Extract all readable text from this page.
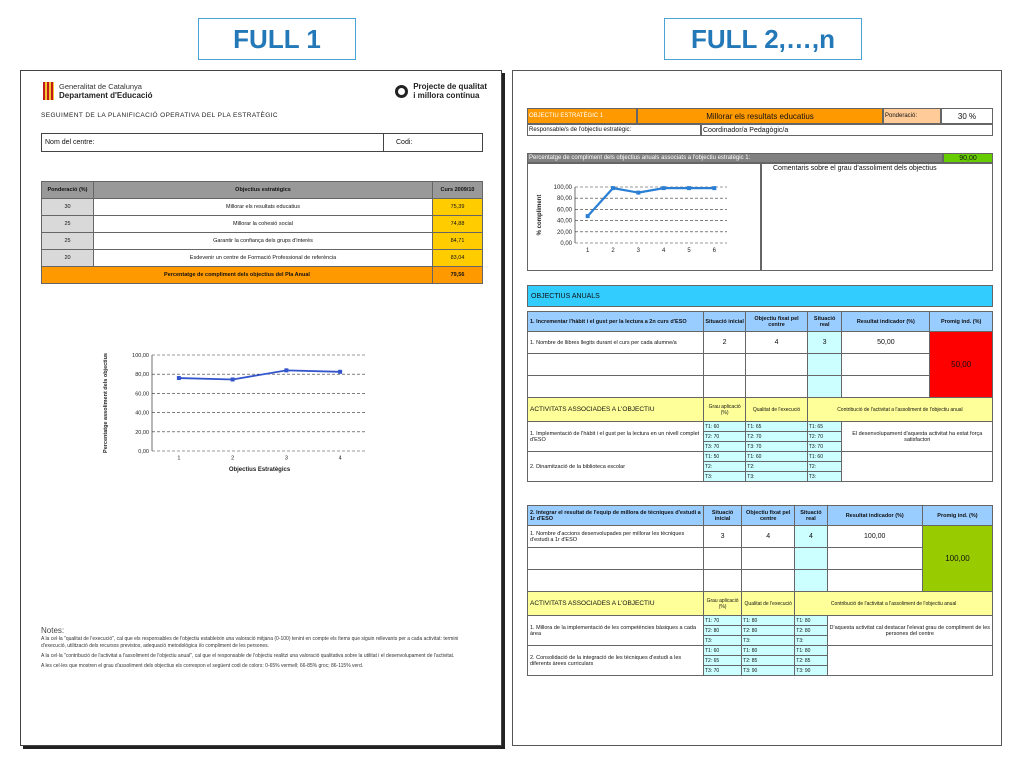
FULL 1	FULL 2,…,n
Generalitat de Catalunya
Departament d'Educació
Projecte de qualitat
i millora contínua
SEGUIMENT DE LA PLANIFICACIÓ OPERATIVA DEL PLA ESTRATÈGIC
Nom del centre:	Codi:
Ponderació (%)	Objectius estratègics	Curs 2009/10
30	Millorar els resultats educatius	75,39
25	Millorar la cohesió social	74,88
25	Garantir la confiança dels grups d'interès	84,71
20	Esdevenir un centre de Formació Professional de referència	83,04
Percentatge de compliment dels objectius del Pla Anual		79,56
0,00
20,00
40,00
60,00
80,00
100,00
1	2	3	4
Percentatge assoliment dels objectius
Objectius Estratègics
Notes:

A la cel·la "qualitat de l'execució", cal que els responsables de l'objectiu estableixin una valoració mitjana (0-100) tenint en compte els ítems que siguin rellevants per a cada activitat: termini d'execució, utilització dels recursos previstos, adequació metodològica i/o compliment de les persones.

A la cel·la "contribució de l'activitat a l'assoliment de l'objectiu anual", cal que el responsable de l'objectiu realitzi una valoració qualitativa sobre la utilitat i el desenvolupament de l'activitat.

A les cel·les que mostren el grau d'assoliment dels objectius els correspon el següent codi de colors: 0-65% vermell; 66-85% groc; 86-115% verd.

OBJECTIU ESTRATÈGIC 1	Millorar els resultats educatius	Ponderació:	30 %
Responsable/s de l'objectiu estratègic:	Coordinador/a Pedagògic/a
Percentatge de compliment dels objectius anuals associats a l'objectiu estratègic 1:	90,00
Comentaris sobre el grau d'assoliment dels objectius
0,00
20,00
40,00
60,00
80,00
100,00
1	2	3	4	5	6
% compliment
OBJECTIUS ANUALS
1. Incrementar l'hàbit i el gust per la lectura a 2n curs d'ESO	Situació inicial	Objectiu fixat pel centre	Situació real	Resultat indicador (%)	Promig ind. (%)
1. Nombre de llibres llegits durant el curs per cada alumne/a	2	4	3	50,00	50,00

ACTIVITATS ASSOCIADES A L'OBJECTIU	Grau aplicació (%)	Qualitat de l'execució	Contribució de l'activitat a l'assoliment de l'objectiu anual		
1. Implementació de l'hàbit i el gust per la lectura en un nivell complet d'ESO	T1: 60	T1: 65	T1: 65	El desenvolupament d'aquesta activitat ha estat força satisfactori	
	T2: 70	T2: 70	T2: 70		
	T3: 70	T3: 70	T3: 70		
2. Dinamització de la biblioteca escolar	T1: 50	T1: 60	T1: 60		
	T2:	T2:	T2:		
	T3:	T3:	T3:		
2. Integrar el resultat de l'equip de millora de tècniques d'estudi a 1r d'ESO	Situació inicial	Objectiu fixat pel centre	Situació real	Resultat indicador (%)	Promig ind. (%)
1. Nombre d'accions desenvolupades per millorar les tècniques d'estudi a 1r d'ESO	3	4	4	100,00	100,00

ACTIVITATS ASSOCIADES A L'OBJECTIU	Grau aplicació (%)	Qualitat de l'execució	Contribució de l'activitat a l'assoliment de l'objectiu anual		
1. Millora de la implementació de les competències bàsiques a cada àrea	T1: 70	T1: 80	T1: 80	D'aquesta activitat cal destacar l'elevat grau de compliment de les persones del centre	
	T2: 80	T2: 80	T2: 80		
	T3:	T3:	T3:		
2. Consolidació de la integració de les tècniques d'estudi a les diferents àrees curriculars	T1: 60	T1: 80	T1: 80		
	T2: 65	T2: 85	T2: 85		
	T3: 70	T3: 90	T3: 90		
